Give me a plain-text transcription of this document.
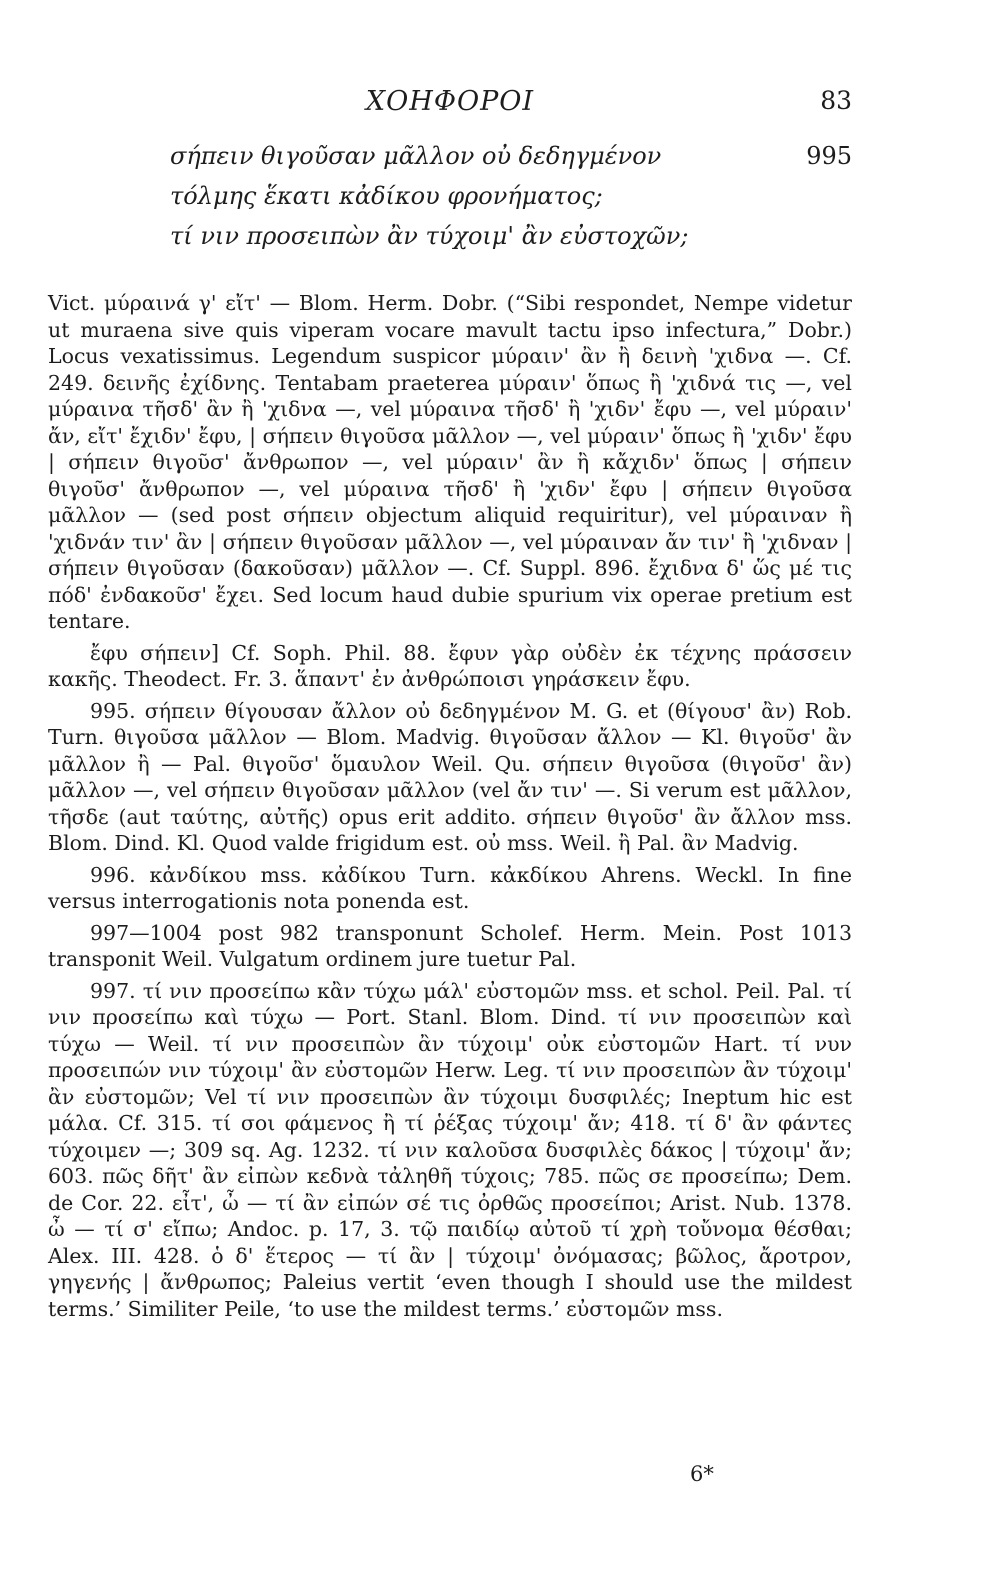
ΧΟΗΦΟΡΟΙ	83
σήπειν θιγοῦσαν μᾶλλον οὐ δεδηγμένον	995
τόλμης ἕκατι κἀδίκου φρονήματος;
τί νιν προσειπὼν ἂν τύχοιμ' ἂν εὐστοχῶν;

Vict. μύραινά γ' εἴτ' — Blom. Herm. Dobr. (“Sibi respondet, Nempe videtur ut muraena sive quis viperam vocare mavult tactu ipso infectura,” Dobr.) Locus vexatissimus. Legendum suspicor μύραιν' ἂν ἢ δεινὴ 'χιδνα —. Cf. 249. δεινῆς ἐχίδνης. Tentabam praeterea μύραιν' ὅπως ἢ 'χιδνά τις —, vel μύραινα τῆσδ' ἂν ἢ 'χιδνα —, vel μύραινα τῆσδ' ἢ 'χιδν' ἔφυ —, vel μύραιν' ἄν, εἴτ' ἔχιδν' ἔφυ, | σήπειν θιγοῦσα μᾶλλον —, vel μύραιν' ὅπως ἢ 'χιδν' ἔφυ | σήπειν θιγοῦσ' ἄνθρωπον —, vel μύραιν' ἂν ἢ κἄχιδν' ὅπως | σήπειν θιγοῦσ' ἄνθρωπον —, vel μύραινα τῆσδ' ἢ 'χιδν' ἔφυ | σήπειν θιγοῦσα μᾶλλον — (sed post σήπειν objectum aliquid requiritur), vel μύραιναν ἢ 'χιδνάν τιν' ἂν | σήπειν θιγοῦσαν μᾶλλον —, vel μύραιναν ἄν τιν' ἢ 'χιδναν | σήπειν θιγοῦσαν (δακοῦσαν) μᾶλλον —. Cf. Suppl. 896. ἔχιδνα δ' ὥς μέ τις πόδ' ἐνδακοῦσ' ἔχει. Sed locum haud dubie spurium vix operae pretium est tentare.

ἔφυ σήπειν] Cf. Soph. Phil. 88. ἔφυν γὰρ οὐδὲν ἐκ τέχνης πράσσειν κακῆς. Theodect. Fr. 3. ἅπαντ' ἐν ἀνθρώποισι γηράσκειν ἔφυ.

995. σήπειν θίγουσαν ἄλλον οὐ δεδηγμένον M. G. et (θίγουσ' ἂν) Rob. Turn. θιγοῦσα μᾶλλον — Blom. Madvig. θιγοῦσαν ἄλλον — Kl. θιγοῦσ' ἂν μᾶλλον ἢ — Pal. θιγοῦσ' ὅμαυλον Weil. Qu. σήπειν θιγοῦσα (θιγοῦσ' ἂν) μᾶλλον —, vel σήπειν θιγοῦσαν μᾶλλον (vel ἄν τιν' —. Si verum est μᾶλλον, τῆσδε (aut ταύτης, αὐτῆς) opus erit addito. σήπειν θιγοῦσ' ἂν ἄλλον mss. Blom. Dind. Kl. Quod valde frigidum est. οὐ mss. Weil. ἢ Pal. ἂν Madvig.

996. κἀνδίκου mss. κἀδίκου Turn. κἀκδίκου Ahrens. Weckl. In fine versus interrogationis nota ponenda est.

997—1004 post 982 transponunt Scholef. Herm. Mein. Post 1013 transponit Weil. Vulgatum ordinem jure tuetur Pal.

997. τί νιν προσείπω κἂν τύχω μάλ' εὐστομῶν mss. et schol. Peil. Pal. τί νιν προσείπω καὶ τύχω — Port. Stanl. Blom. Dind. τί νιν προσειπὼν καὶ τύχω — Weil. τί νιν προσειπὼν ἂν τύχοιμ' οὐκ εὐστομῶν Hart. τί νυν προσειπών νιν τύχοιμ' ἂν εὐστομῶν Herw. Leg. τί νιν προσειπὼν ἂν τύχοιμ' ἂν εὐστομῶν; Vel τί νιν προσειπὼν ἂν τύχοιμι δυσφιλές; Ineptum hic est μάλα. Cf. 315. τί σοι φάμενος ἢ τί ῥέξας τύχοιμ' ἄν; 418. τί δ' ἂν φάντες τύχοιμεν —; 309 sq. Ag. 1232. τί νιν καλοῦσα δυσφιλὲς δάκος | τύχοιμ' ἄν; 603. πῶς δῆτ' ἂν εἰπὼν κεδνὰ τἀληθῆ τύχοις; 785. πῶς σε προσείπω; Dem. de Cor. 22. εἶτ', ὦ — τί ἂν εἰπών σέ τις ὀρθῶς προσείποι; Arist. Nub. 1378. ὦ — τί σ' εἴπω; Andoc. p. 17, 3. τῷ παιδίῳ αὐτοῦ τί χρὴ τοὔνομα θέσθαι; Alex. III. 428. ὁ δ' ἕτερος — τί ἂν | τύχοιμ' ὀνόμασας; βῶλος, ἄροτρον, γηγενής | ἄνθρωπος; Paleius vertit ‘even though I should use the mildest terms.’ Similiter Peile, ‘to use the mildest terms.’ εὐστομῶν mss.

6*
